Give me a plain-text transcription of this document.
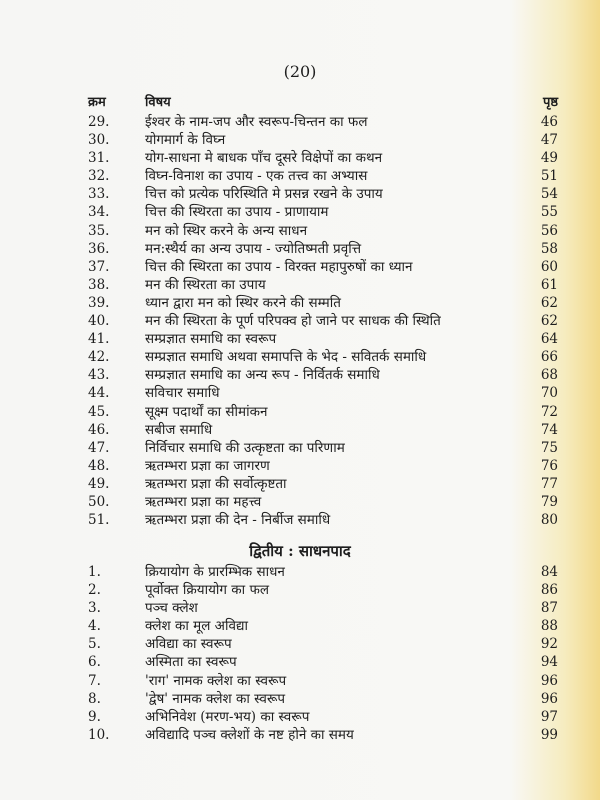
(20)
क्रम	विषय	पृष्ठ
29.	ईश्वर के नाम-जप और स्वरूप-चिन्तन का फल	46
30.	योगमार्ग के विघ्न	47
31.	योग-साधना मे बाधक पाँच दूसरे विक्षेपों का कथन	49
32.	विघ्न-विनाश का उपाय - एक तत्त्व का अभ्यास	51
33.	चित्त को प्रत्येक परिस्थिति मे प्रसन्न रखने के उपाय	54
34.	चित्त की स्थिरता का उपाय - प्राणायाम	55
35.	मन को स्थिर करने के अन्य साधन	56
36.	मन:स्थैर्य का अन्य उपाय - ज्योतिष्मती प्रवृत्ति	58
37.	चित्त की स्थिरता का उपाय - विरक्त महापुरुषों का ध्यान	60
38.	मन की स्थिरता का उपाय	61
39.	ध्यान द्वारा मन को स्थिर करने की सम्मति	62
40.	मन की स्थिरता के पूर्ण परिपक्व हो जाने पर साधक की स्थिति	62
41.	सम्प्रज्ञात समाधि का स्वरूप	64
42.	सम्प्रज्ञात समाधि अथवा समापत्ति के भेद - सवितर्क समाधि	66
43.	सम्प्रज्ञात समाधि का अन्य रूप - निर्वितर्क समाधि	68
44.	सविचार समाधि	70
45.	सूक्ष्म पदार्थों का सीमांकन	72
46.	सबीज समाधि	74
47.	निर्विचार समाधि की उत्कृष्टता का परिणाम	75
48.	ऋतम्भरा प्रज्ञा का जागरण	76
49.	ऋतम्भरा प्रज्ञा की सर्वोत्कृष्टता	77
50.	ऋतम्भरा प्रज्ञा का महत्त्व	79
51.	ऋतम्भरा प्रज्ञा की देन - निर्बीज समाधि	80
द्वितीय : साधनपाद
1.	क्रियायोग के प्रारम्भिक साधन	84
2.	पूर्वोक्त क्रियायोग का फल	86
3.	पञ्च क्लेश	87
4.	क्लेश का मूल अविद्या	88
5.	अविद्या का स्वरूप	92
6.	अस्मिता का स्वरूप	94
7.	'राग' नामक क्लेश का स्वरूप	96
8.	'द्वेष' नामक क्लेश का स्वरूप	96
9.	अभिनिवेश (मरण-भय) का स्वरूप	97
10.	अविद्यादि पञ्च क्लेशों के नष्ट होने का समय	99
